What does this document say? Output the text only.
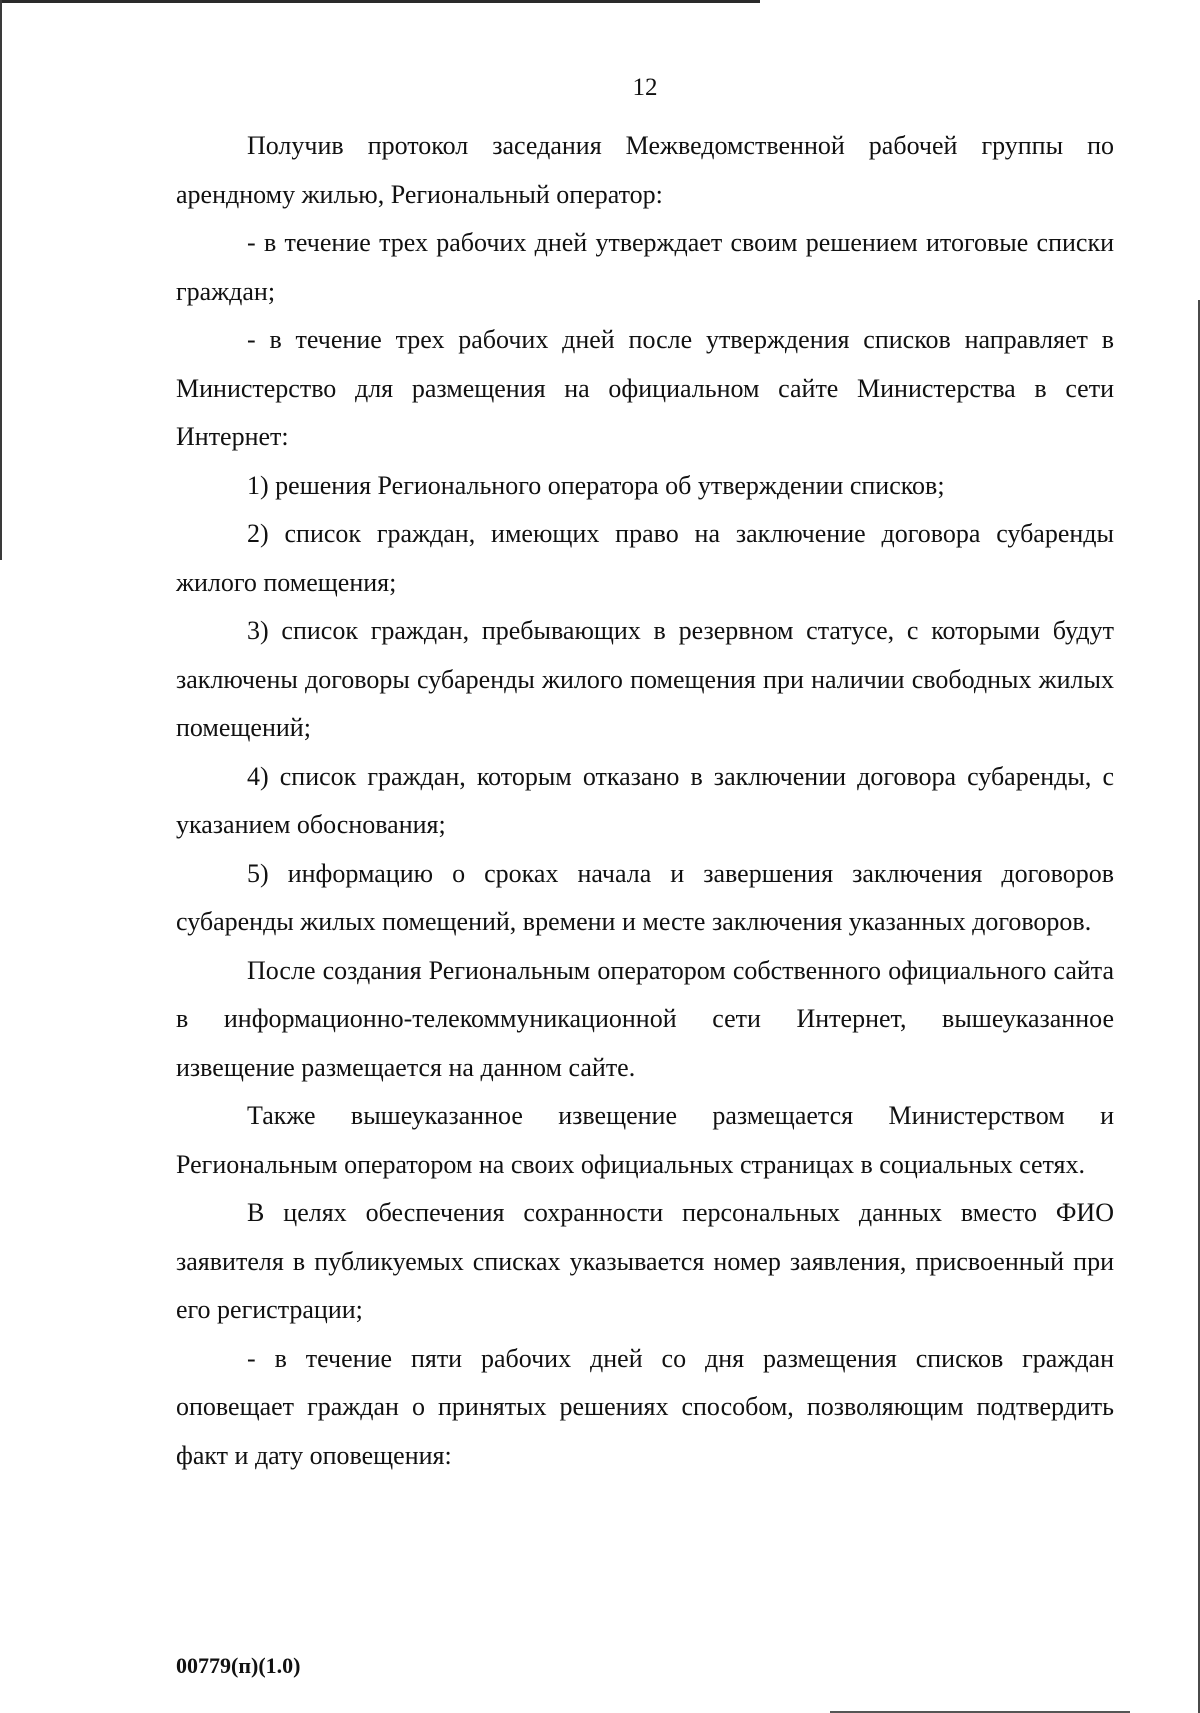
12

Получив протокол заседания Межведомственной рабочей группы по арендному жилью, Региональный оператор:

- в течение трех рабочих дней утверждает своим решением итоговые списки граждан;

- в течение трех рабочих дней после утверждения списков направляет в Министерство для размещения на официальном сайте Министерства в сети Интернет:

1) решения Регионального оператора об утверждении списков;

2) список граждан, имеющих право на заключение договора субаренды жилого помещения;

3) список граждан, пребывающих в резервном статусе, с которыми будут заключены договоры субаренды жилого помещения при наличии свободных жилых помещений;

4) список граждан, которым отказано в заключении договора субаренды, с указанием обоснования;

5) информацию о сроках начала и завершения заключения договоров субаренды жилых помещений, времени и месте заключения указанных договоров.

После создания Региональным оператором собственного официального сайта в информационно-телекоммуникационной сети Интернет, вышеуказанное извещение размещается на данном сайте.

Также вышеуказанное извещение размещается Министерством и Региональным оператором на своих официальных страницах в социальных сетях.

В целях обеспечения сохранности персональных данных вместо ФИО заявителя в публикуемых списках указывается номер заявления, присвоенный при его регистрации;

- в течение пяти рабочих дней со дня размещения списков граждан оповещает граждан о принятых решениях способом, позволяющим подтвердить факт и дату оповещения:

00779(п)(1.0)
